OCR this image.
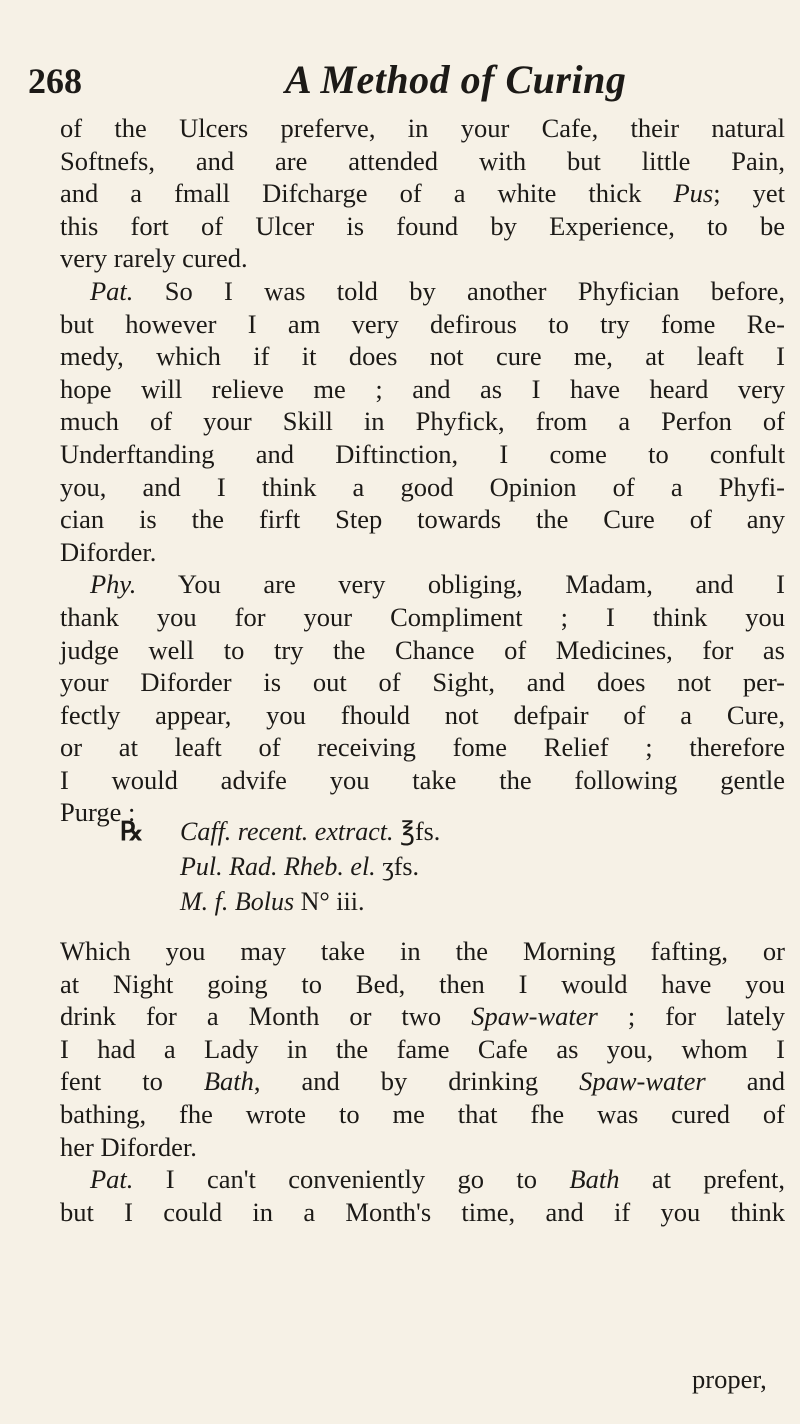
268	A Method of Curing
of the Ulcers preferve, in your Cafe, their natural
Softnefs, and are attended with but little Pain,
and a fmall Difcharge of a white thick Pus; yet
this fort of Ulcer is found by Experience, to be
very rarely cured.
Pat. So I was told by another Phyfician before,
but however I am very defirous to try fome Re-
medy, which if it does not cure me, at leaft I
hope will relieve me ; and as I have heard very
much of your Skill in Phyfick, from a Perfon of
Underftanding and Diftinction, I come to confult
you, and I think a good Opinion of a Phyfi-
cian is the firft Step towards the Cure of any
Diforder.
Phy. You are very obliging, Madam, and I
thank you for your Compliment ; I think you
judge well to try the Chance of Medicines, for as
your Diforder is out of Sight, and does not per-
fectly appear, you fhould not defpair of a Cure,
or at leaft of receiving fome Relief ; therefore
I would advife you take the following gentle
Purge :
℞ Caff. recent. extract. ℥fs.
Pul. Rad. Rheb. el. ʒfs.
M. f. Bolus N° iii.
Which you may take in the Morning fafting, or
at Night going to Bed, then I would have you
drink for a Month or two Spaw-water ; for lately
I had a Lady in the fame Cafe as you, whom I
fent to Bath, and by drinking Spaw-water and
bathing, fhe wrote to me that fhe was cured of
her Diforder.
Pat. I can't conveniently go to Bath at prefent,
but I could in a Month's time, and if you think
proper,
